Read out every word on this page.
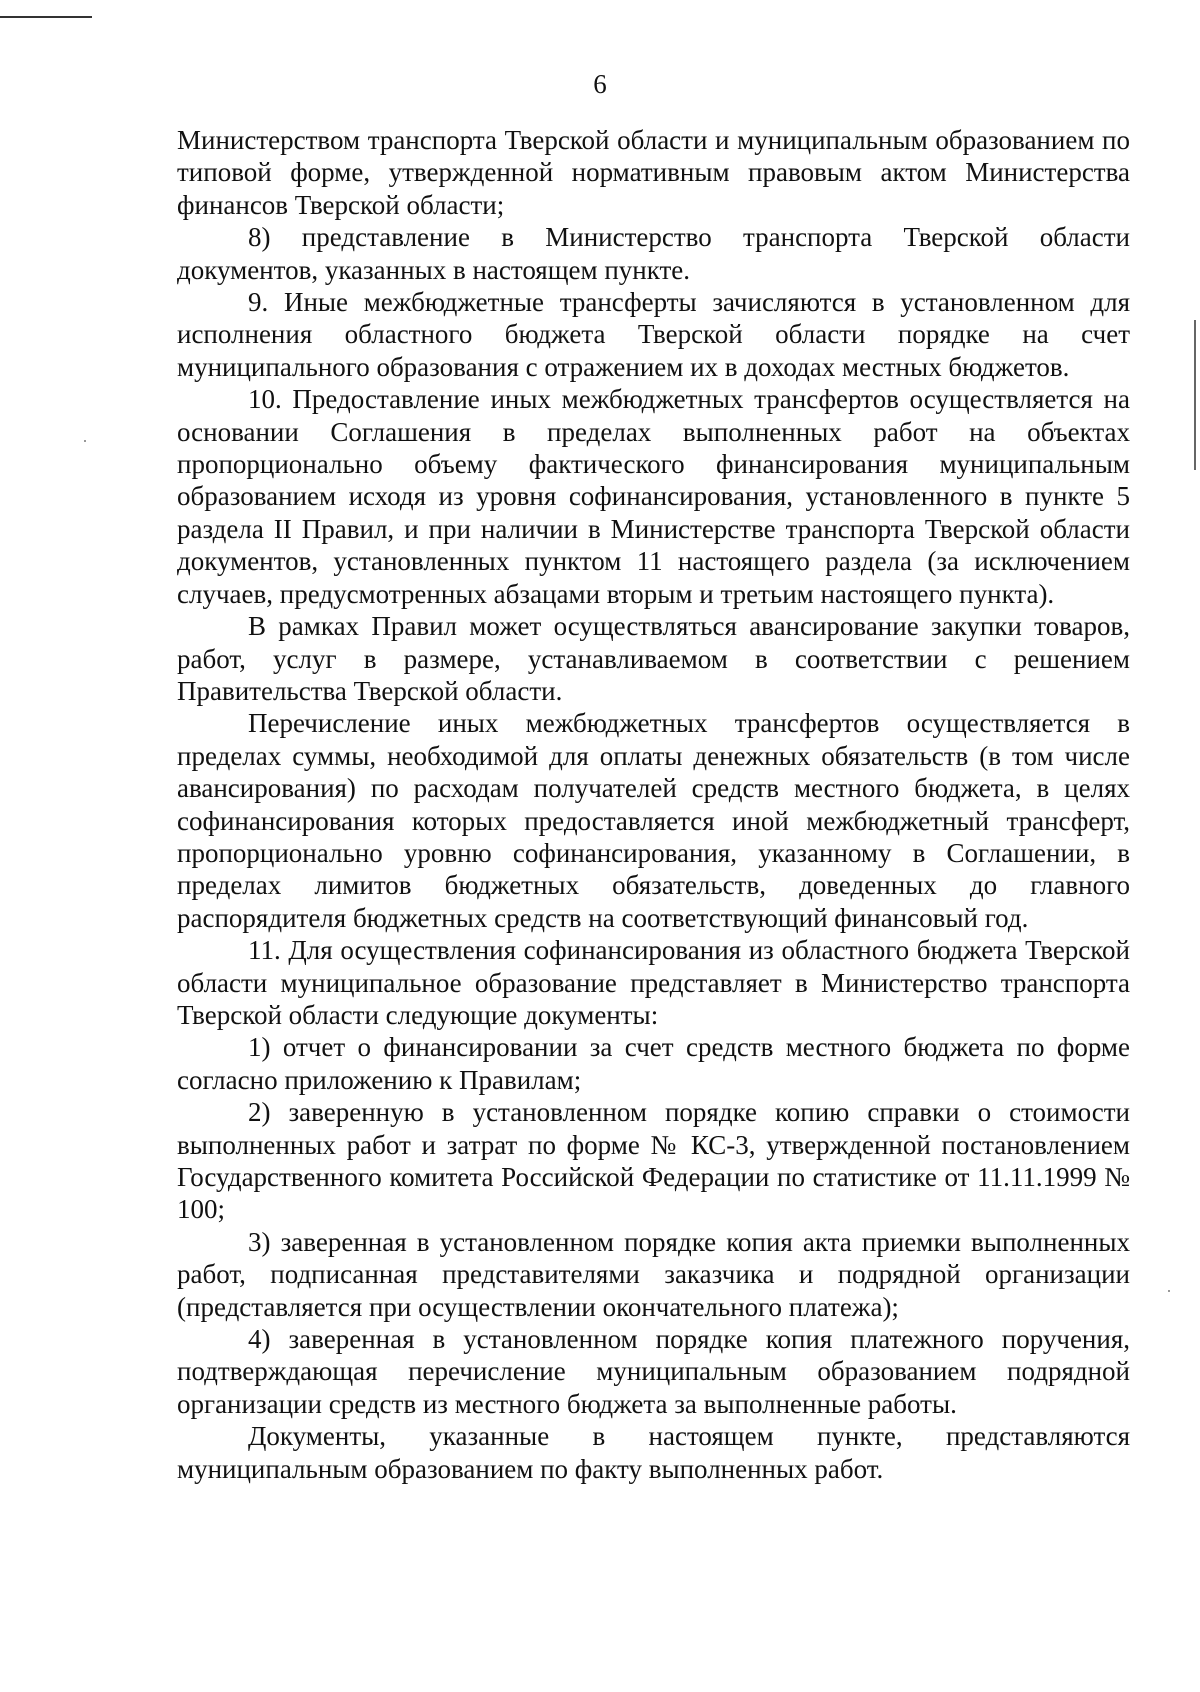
6

Министерством транспорта Тверской области и муниципальным образованием по типовой форме, утвержденной нормативным правовым актом Министерства финансов Тверской области;

8) представление в Министерство транспорта Тверской области документов, указанных в настоящем пункте.

9. Иные межбюджетные трансферты зачисляются в установленном для исполнения областного бюджета Тверской области порядке на счет муниципального образования с отражением их в доходах местных бюджетов.

10. Предоставление иных межбюджетных трансфертов осуществляется на основании Соглашения в пределах выполненных работ на объектах пропорционально объему фактического финансирования муниципальным образованием исходя из уровня софинансирования, установленного в пункте 5 раздела II Правил, и при наличии в Министерстве транспорта Тверской области документов, установленных пунктом 11 настоящего раздела (за исключением случаев, предусмотренных абзацами вторым и третьим настоящего пункта).

В рамках Правил может осуществляться авансирование закупки товаров, работ, услуг в размере, устанавливаемом в соответствии с решением Правительства Тверской области.

Перечисление иных межбюджетных трансфертов осуществляется в пределах суммы, необходимой для оплаты денежных обязательств (в том числе авансирования) по расходам получателей средств местного бюджета, в целях софинансирования которых предоставляется иной межбюджетный трансферт, пропорционально уровню софинансирования, указанному в Соглашении, в пределах лимитов бюджетных обязательств, доведенных до главного распорядителя бюджетных средств на соответствующий финансовый год.

11. Для осуществления софинансирования из областного бюджета Тверской области муниципальное образование представляет в Министерство транспорта Тверской области следующие документы:

1) отчет о финансировании за счет средств местного бюджета по форме согласно приложению к Правилам;

2) заверенную в установленном порядке копию справки о стоимости выполненных работ и затрат по форме № КС-3, утвержденной постановлением Государственного комитета Российской Федерации по статистике от 11.11.1999 № 100;

3) заверенная в установленном порядке копия акта приемки выполненных работ, подписанная представителями заказчика и подрядной организации (представляется при осуществлении окончательного платежа);

4) заверенная в установленном порядке копия платежного поручения, подтверждающая перечисление муниципальным образованием подрядной организации средств из местного бюджета за выполненные работы.

Документы, указанные в настоящем пункте, представляются муниципальным образованием по факту выполненных работ.
